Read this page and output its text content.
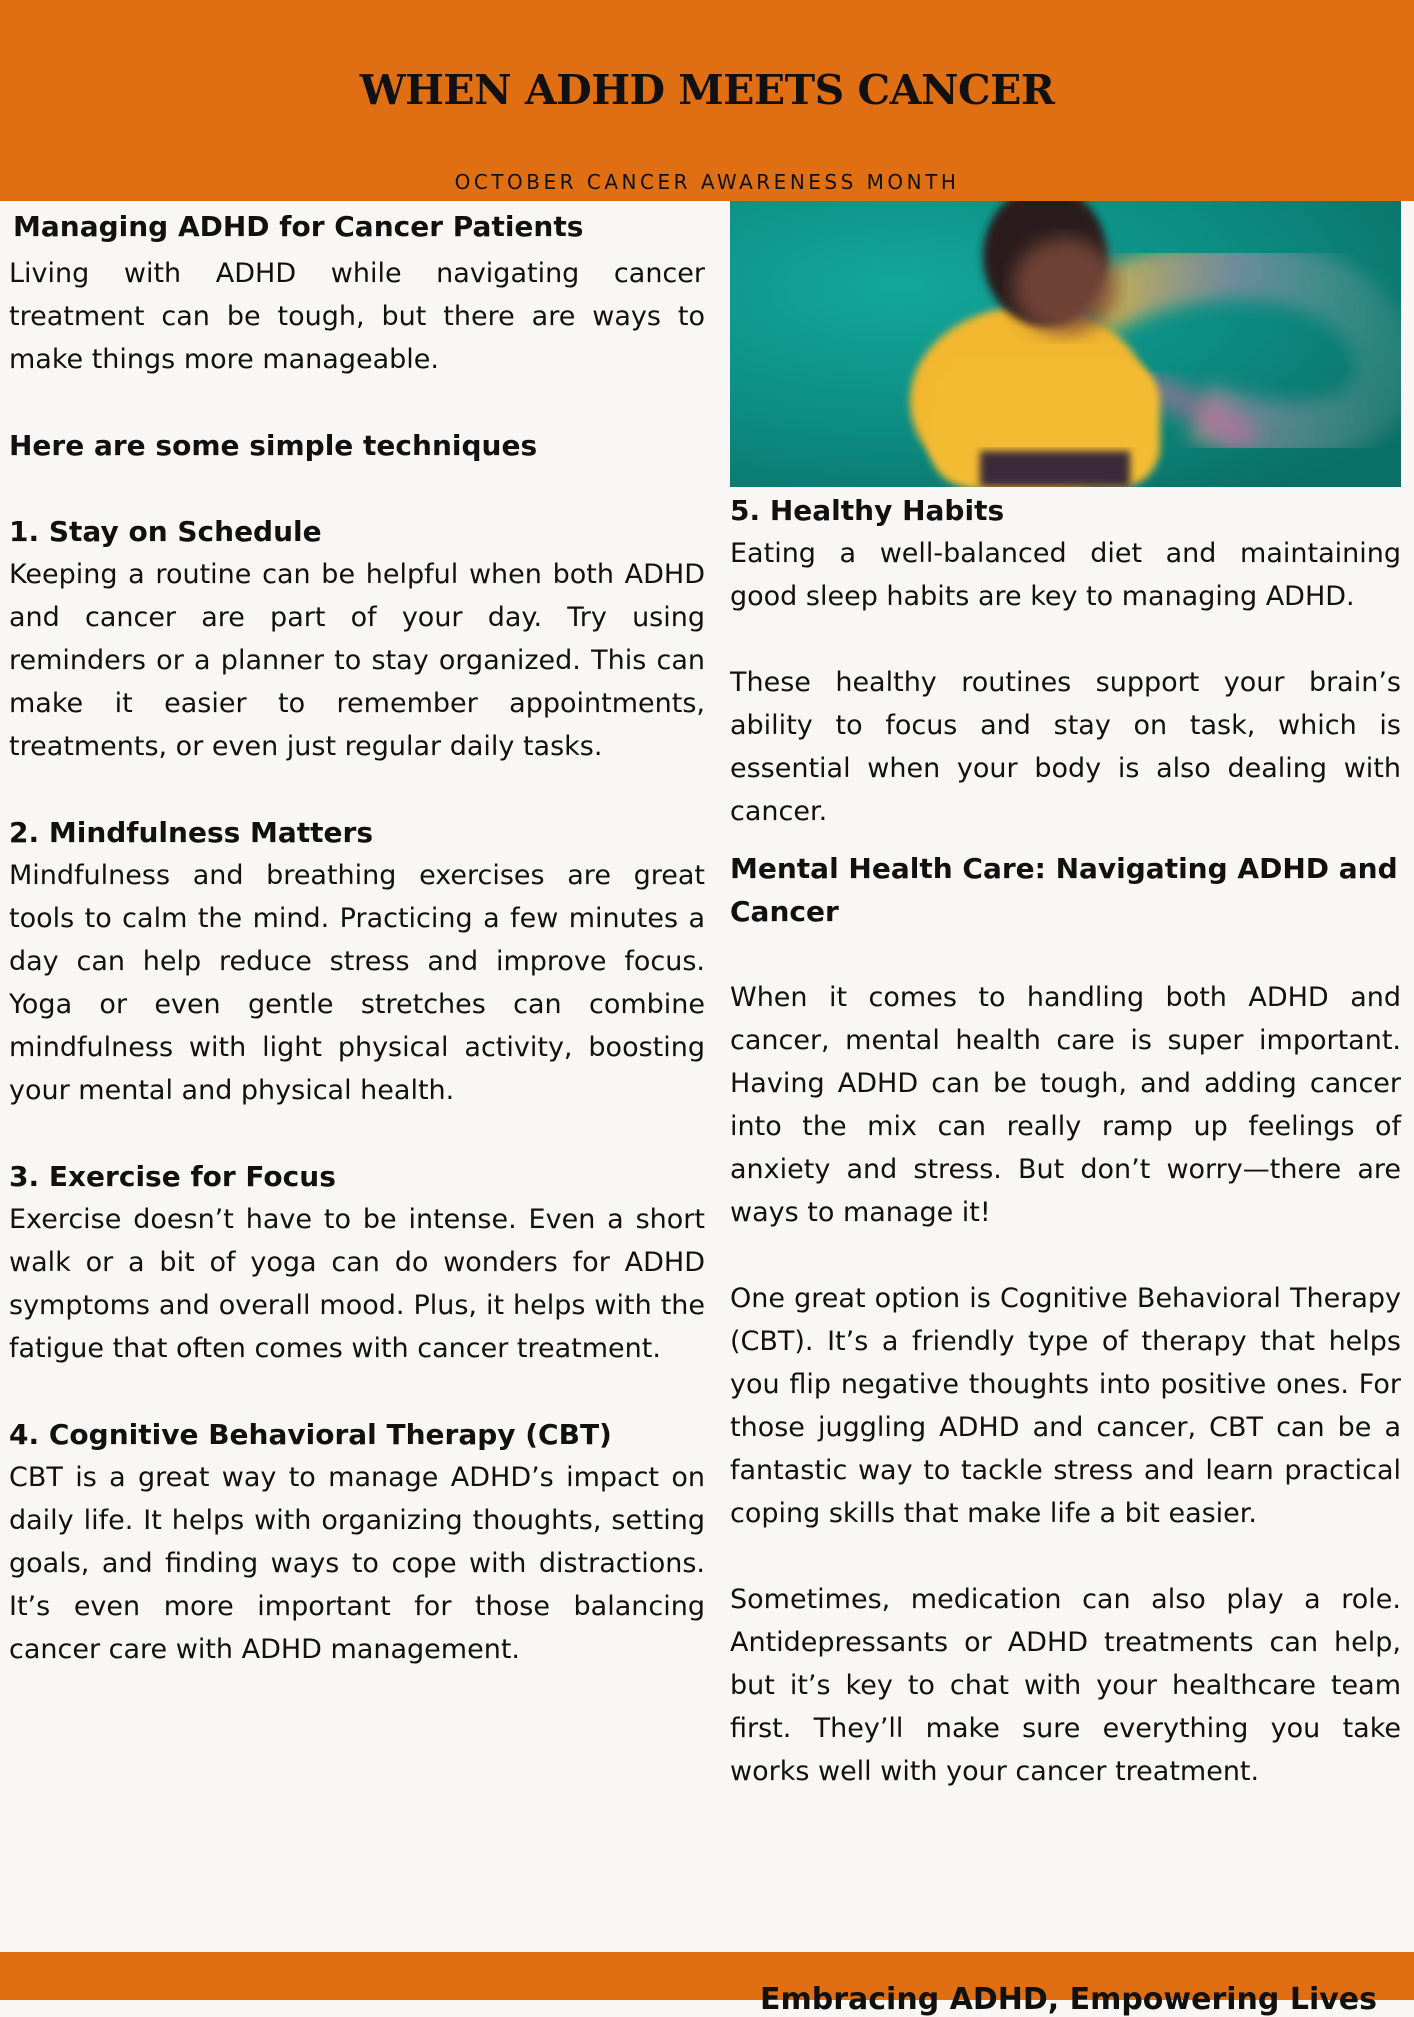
WHEN ADHD MEETS CANCER
OCTOBER CANCER AWARENESS MONTH
Managing ADHD for Cancer Patients

Living with ADHD while navigating cancer treatment can be tough, but there are ways to make things more manageable.

Here are some simple techniques
1. Stay on Schedule

Keeping a routine can be helpful when both ADHD and cancer are part of your day. Try using reminders or a planner to stay organized. This can make it easier to remember appointments, treatments, or even just regular daily tasks.

2. Mindfulness Matters

Mindfulness and breathing exercises are great tools to calm the mind. Practicing a few minutes a day can help reduce stress and improve focus. Yoga or even gentle stretches can combine mindfulness with light physical activity, boosting your mental and physical health.

3. Exercise for Focus

Exercise doesn’t have to be intense. Even a short walk or a bit of yoga can do wonders for ADHD symptoms and overall mood. Plus, it helps with the fatigue that often comes with cancer treatment.

4. Cognitive Behavioral Therapy (CBT)

CBT is a great way to manage ADHD’s impact on daily life. It helps with organizing thoughts, setting goals, and finding ways to cope with distractions. It’s even more important for those balancing cancer care with ADHD management.

5. Healthy Habits

Eating a well-balanced diet and maintaining good sleep habits are key to managing ADHD.

These healthy routines support your brain’s ability to focus and stay on task, which is essential when your body is also dealing with cancer.

Mental Health Care: Navigating ADHD and Cancer

When it comes to handling both ADHD and cancer, mental health care is super important. Having ADHD can be tough, and adding cancer into the mix can really ramp up feelings of anxiety and stress. But don’t worry—there are ways to manage it!

One great option is Cognitive Behavioral Therapy (CBT). It’s a friendly type of therapy that helps you flip negative thoughts into positive ones. For those juggling ADHD and cancer, CBT can be a fantastic way to tackle stress and learn practical coping skills that make life a bit easier.

Sometimes, medication can also play a role. Antidepressants or ADHD treatments can help, but it’s key to chat with your healthcare team first. They’ll make sure everything you take works well with your cancer treatment.

Embracing ADHD, Empowering Lives
